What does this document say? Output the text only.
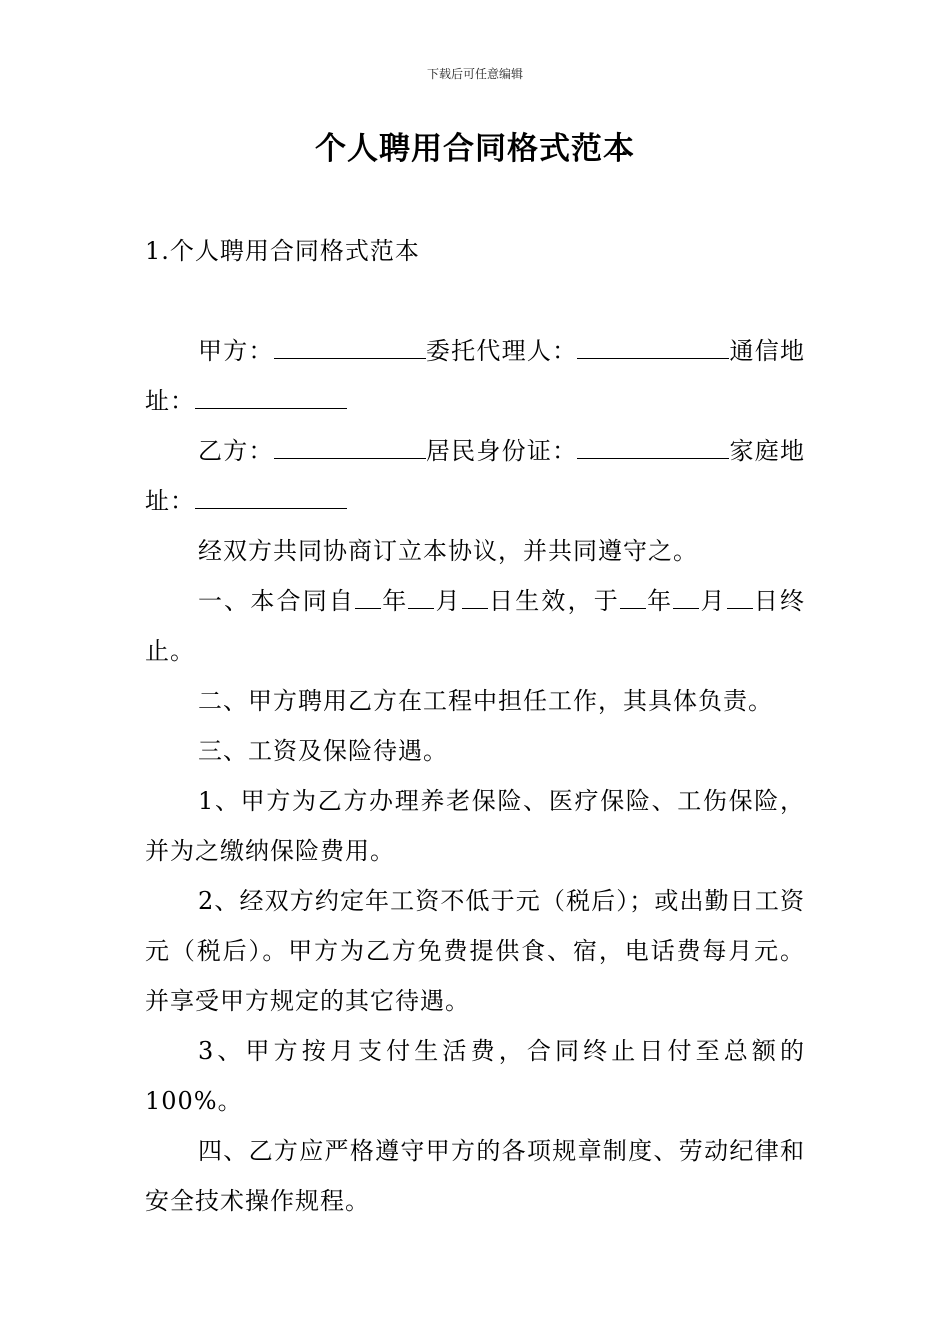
下载后可任意编辑
个人聘用合同格式范本
1.个人聘用合同格式范本

甲方：	委托代理人：	通信地址：

乙方：	居民身份证：	家庭地址：

经双方共同协商订立本协议，并共同遵守之。

一、本合同自 年 月 日生效，于 年 月 日终止。

二、甲方聘用乙方在工程中担任工作，其具体负责。

三、工资及保险待遇。

1、甲方为乙方办理养老保险、医疗保险、工伤保险，并为之缴纳保险费用。

2、经双方约定年工资不低于元（税后）；或出勤日工资元（税后）。甲方为乙方免费提供食、宿，电话费每月元。并享受甲方规定的其它待遇。

3、甲方按月支付生活费，合同终止日付至总额的100%。

四、乙方应严格遵守甲方的各项规章制度、劳动纪律和安全技术操作规程。
